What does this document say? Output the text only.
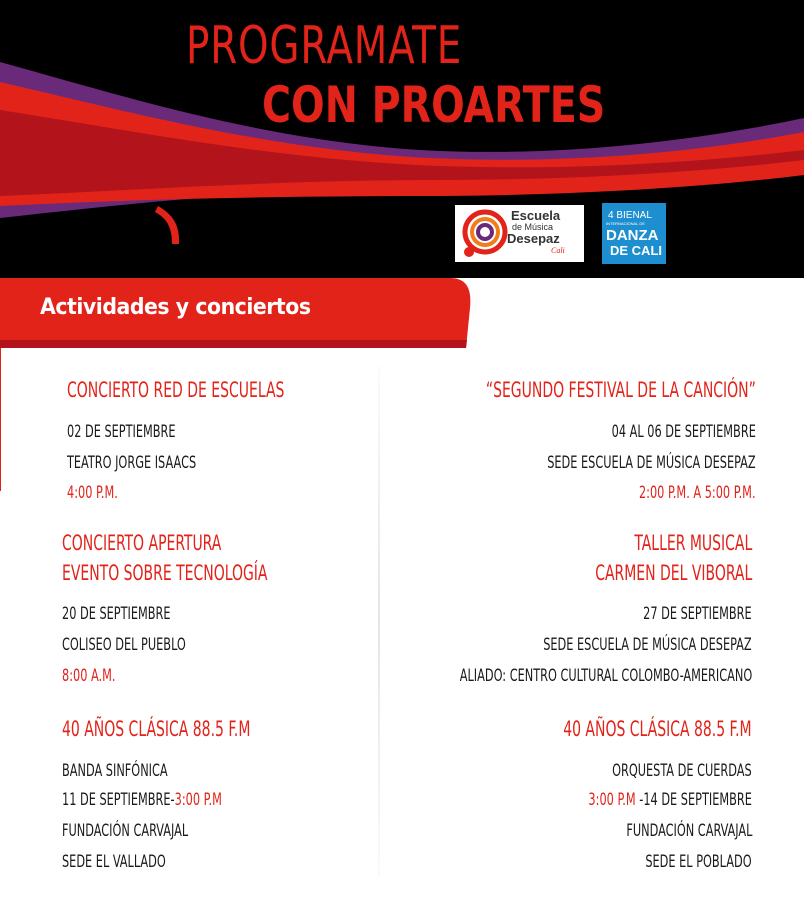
PROGRAMATE
CON PROARTES
Escuela
de Música
Desepaz
Cali
4 BIENAL
INTERNACIONAL DE
DANZA
DE CALI
Actividades y conciertos
CONCIERTO RED DE ESCUELAS
02 DE SEPTIEMBRE
TEATRO JORGE ISAACS
4:00 P.M.
CONCIERTO APERTURA
EVENTO SOBRE TECNOLOGÍA
20 DE SEPTIEMBRE
COLISEO DEL PUEBLO
8:00 A.M.
40 AÑOS CLÁSICA 88.5 F.M
BANDA SINFÓNICA
11 DE SEPTIEMBRE-3:00 P.M
FUNDACIÓN CARVAJAL
SEDE EL VALLADO
“SEGUNDO FESTIVAL DE LA CANCIÓN”
04 AL 06 DE SEPTIEMBRE
SEDE ESCUELA DE MÚSICA DESEPAZ
2:00 P.M. A 5:00 P.M.
TALLER MUSICAL
CARMEN DEL VIBORAL
27 DE SEPTIEMBRE
SEDE ESCUELA DE MÚSICA DESEPAZ
ALIADO: CENTRO CULTURAL COLOMBO-AMERICANO
40 AÑOS CLÁSICA 88.5 F.M
ORQUESTA DE CUERDAS
3:00 P.M -14 DE SEPTIEMBRE
FUNDACIÓN CARVAJAL
SEDE EL POBLADO
